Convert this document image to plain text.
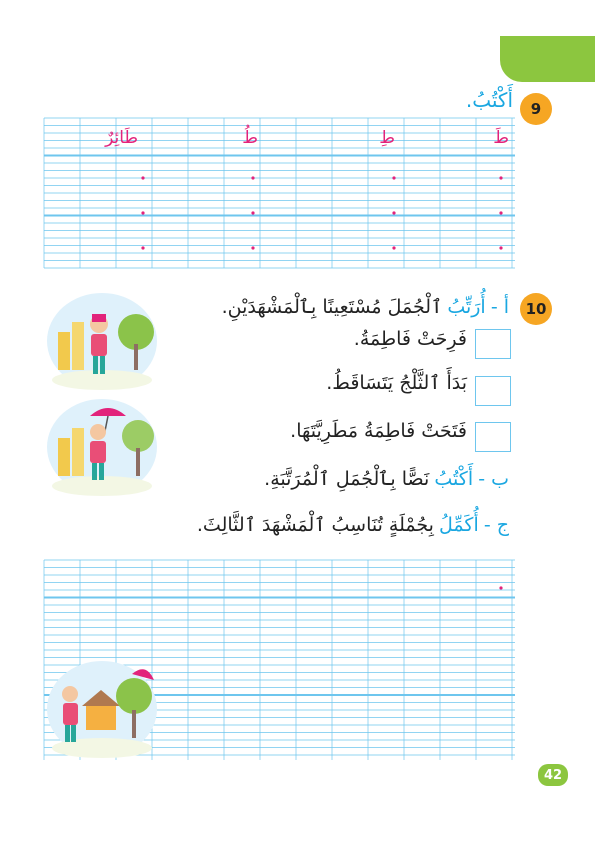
9
أَكْتُبُ.
طَ
طِ
طُ
طَائِرٌ
10
أ - أُرَتِّبُ ٱلْجُمَلَ مُسْتَعِينًا بِٱلْمَشْهَدَيْنِ.
فَرِحَتْ فَاطِمَةُ.
بَدَأَ ٱلثَّلْجُ يَتَسَاقَطُ.
فَتَحَتْ فَاطِمَةُ مَطَرِيَّتَهَا.
ب - أَكْتُبُ نَصًّا بِٱلْجُمَلِ ٱلْمُرَتَّبَةِ.
ج - أُكَمِّلُ بِجُمْلَةٍ تُنَاسِبُ ٱلْمَشْهَدَ ٱلثَّالِثَ.
42
